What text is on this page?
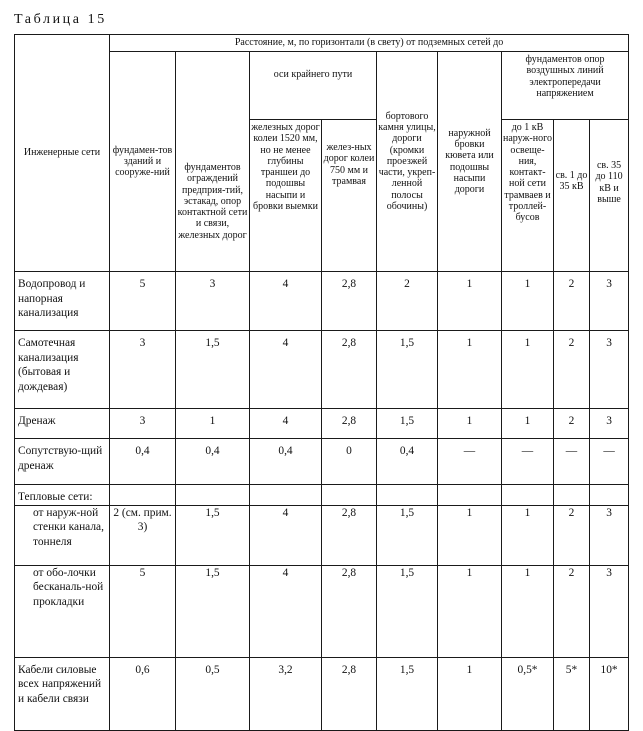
Таблица 15
Инженерные сети	Расстояние, м, по горизонтали (в свету) от подземных сетей до								
	фундамен-тов зданий и сооруже-ний	фундаментов ограждений предприя-тий, эстакад, опор контактной сети и связи, железных дорог	оси крайнего пути		бортового камня улицы, дороги (кромки проезжей части, укреп-ленной полосы обочины)	наружной бровки кювета или подошвы насыпи дороги	фундаментов опор воздушных линий электропередачи напряжением		

			железных дорог колеи 1520 мм, но не менее глубины траншеи до подошвы насыпи и бровки выемки	желез-ных дорог колеи 750 мм и трамвая			до 1 кВ наруж-ного освеще-ния, контакт-ной сети трамваев и троллей-бусов	св. 1 до 35 кВ	св. 35 до 110 кВ и выше
Водопровод и напорная канализация	5	3	4	2,8	2	1	1	2	3
Самотечная канализация (бытовая и дождевая)	3	1,5	4	2,8	1,5	1	1	2	3
Дренаж	3	1	4	2,8	1,5	1	1	2	3
Сопутствую-щий дренаж	0,4	0,4	0,4	0	0,4	—	—	—	—
Тепловые сети:									
от наруж-ной стенки канала, тоннеля	2 (см. прим. 3)	1,5	4	2,8	1,5	1	1	2	3
от обо-лочки бесканаль-ной прокладки	5	1,5	4	2,8	1,5	1	1	2	3
Кабели силовые всех напряжений и кабели связи	0,6	0,5	3,2	2,8	1,5	1	0,5*	5*	10*
